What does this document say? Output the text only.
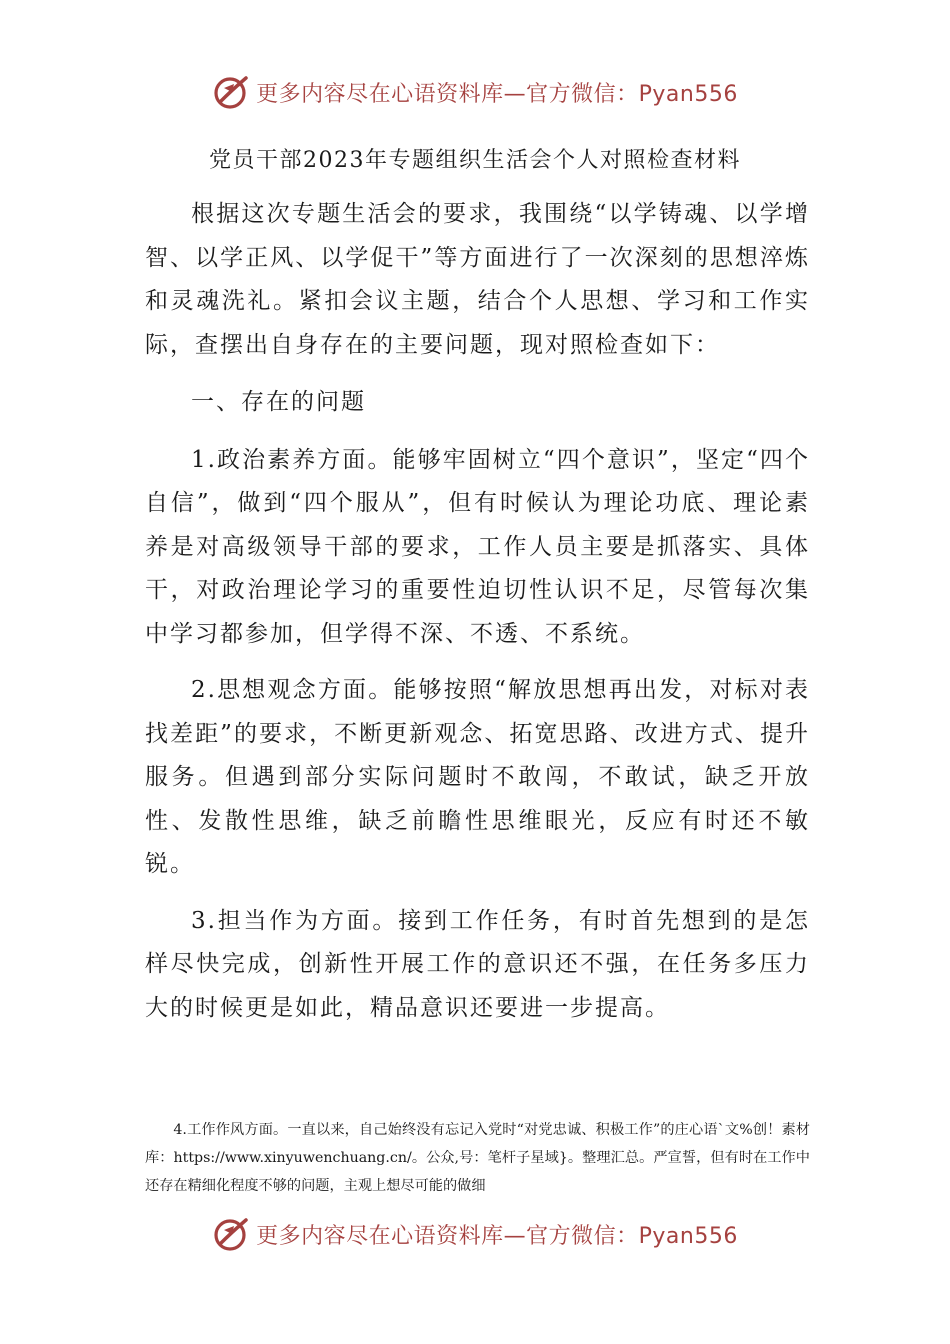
更多内容尽在心语资料库—官方微信：Pyan556
党员干部2023年专题组织生活会个人对照检查材料

根据这次专题生活会的要求，我围绕“以学铸魂、以学增智、以学正风、以学促干”等方面进行了一次深刻的思想淬炼和灵魂洗礼。紧扣会议主题，结合个人思想、学习和工作实际，查摆出自身存在的主要问题，现对照检查如下：

一、存在的问题

1.政治素养方面。能够牢固树立“四个意识”，坚定“四个自信”，做到“四个服从”，但有时候认为理论功底、理论素养是对高级领导干部的要求，工作人员主要是抓落实、具体干，对政治理论学习的重要性迫切性认识不足，尽管每次集中学习都参加，但学得不深、不透、不系统。

2.思想观念方面。能够按照“解放思想再出发，对标对表找差距”的要求，不断更新观念、拓宽思路、改进方式、提升服务。但遇到部分实际问题时不敢闯，不敢试，缺乏开放性、发散性思维，缺乏前瞻性思维眼光，反应有时还不敏锐。

3.担当作为方面。接到工作任务，有时首先想到的是怎样尽快完成，创新性开展工作的意识还不强，在任务多压力大的时候更是如此，精品意识还要进一步提高。

4.工作作风方面。一直以来，自己始终没有忘记入党时“对党忠诚、积极工作”的庄心语`文%创！素材库：https://www.xinyuwenchuang.cn/。公众,号：笔杆子星域}。整理汇总。严宣誓，但有时在工作中还存在精细化程度不够的问题，主观上想尽可能的做细

更多内容尽在心语资料库—官方微信：Pyan556
